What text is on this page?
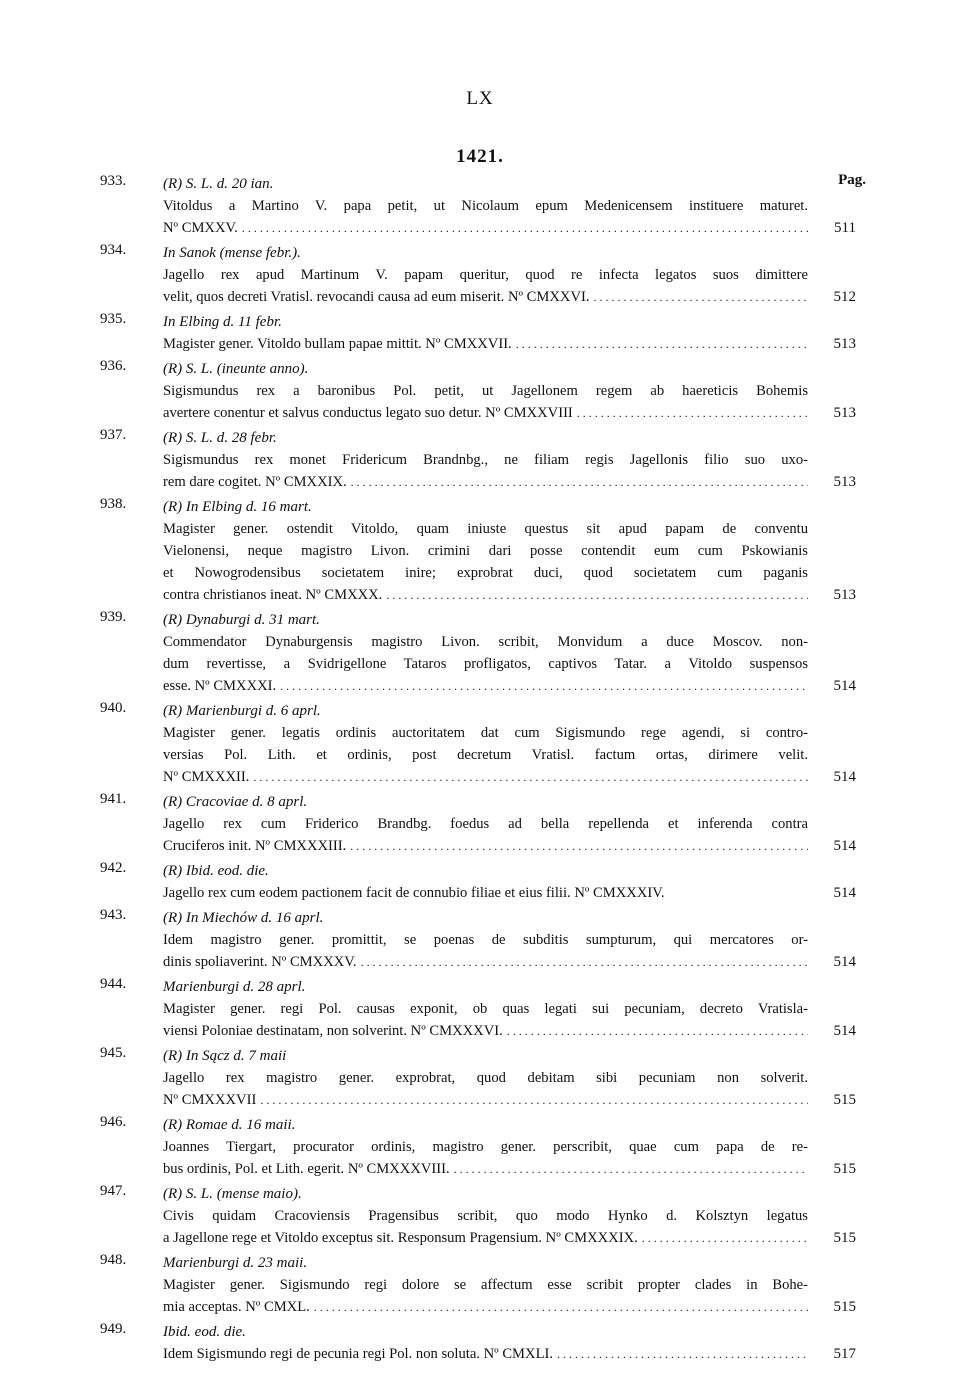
LX
1421.
Pag.
933. (R) S. L. d. 20 ian.
Vitoldus a Martino V. papa petit, ut Nicolaum epum Medenicensem instituere maturet.
Nº CMXXV. .....	511
934. In Sanok (mense febr.).
Jagello rex apud Martinum V. papam queritur, quod re infecta legatos suos dimittere
velit, quos decreti Vratisl. revocandi causa ad eum miserit. Nº CMXXVI. .....	512
935. In Elbing d. 11 febr.
Magister gener. Vitoldo bullam papae mittit. Nº CMXXVII. .....	513
936. (R) S. L. (ineunte anno).
Sigismundus rex a baronibus Pol. petit, ut Jagellonem regem ab haereticis Bohemis
avertere conentur et salvus conductus legato suo detur. Nº CMXXVIII .....	513
937. (R) S. L. d. 28 febr.
Sigismundus rex monet Fridericum Brandnbg., ne filiam regis Jagellonis filio suo uxo-
rem dare cogitet. Nº CMXXIX. .....	513
938. (R) In Elbing d. 16 mart.
Magister gener. ostendit Vitoldo, quam iniuste questus sit apud papam de conventu
Vielonensi, neque magistro Livon. crimini dari posse contendit eum cum Pskowianis
et Nowogrodensibus societatem inire; exprobrat duci, quod societatem cum paganis
contra christianos ineat. Nº CMXXX. .....	513
939. (R) Dynaburgi d. 31 mart.
Commendator Dynaburgensis magistro Livon. scribit, Monvidum a duce Moscov. non-
dum revertisse, a Svidrigellone Tataros profligatos, captivos Tatar. a Vitoldo suspensos
esse. Nº CMXXXI. .....	514
940. (R) Marienburgi d. 6 aprl.
Magister gener. legatis ordinis auctoritatem dat cum Sigismundo rege agendi, si contro-
versias Pol. Lith. et ordinis, post decretum Vratisl. factum ortas, dirimere velit.
Nº CMXXXII. .....	514
941. (R) Cracoviae d. 8 aprl.
Jagello rex cum Friderico Brandbg. foedus ad bella repellenda et inferenda contra
Cruciferos init. Nº CMXXXIII. .....	514
942. (R) Ibid. eod. die.
Jagello rex cum eodem pactionem facit de connubio filiae et eius filii. Nº CMXXXIV.	514
943. (R) In Miechów d. 16 aprl.
Idem magistro gener. promittit, se poenas de subditis sumpturum, qui mercatores or-
dinis spoliaverint. Nº CMXXXV. .....	514
944. Marienburgi d. 28 aprl.
Magister gener. regi Pol. causas exponit, ob quas legati sui pecuniam, decreto Vratisla-
viensi Poloniae destinatam, non solverint. Nº CMXXXVI. .....	514
945. (R) In Sącz d. 7 maii
Jagello rex magistro gener. exprobrat, quod debitam sibi pecuniam non solverit.
Nº CMXXXVII .....	515
946. (R) Romae d. 16 maii.
Joannes Tiergart, procurator ordinis, magistro gener. perscribit, quae cum papa de re-
bus ordinis, Pol. et Lith. egerit. Nº CMXXXVIII. .....	515
947. (R) S. L. (mense maio).
Civis quidam Cracoviensis Pragensibus scribit, quo modo Hynko d. Kolsztyn legatus
a Jagellone rege et Vitoldo exceptus sit. Responsum Pragensium. Nº CMXXXIX. .....	515
948. Marienburgi d. 23 maii.
Magister gener. Sigismundo regi dolore se affectum esse scribit propter clades in Bohe-
mia acceptas. Nº CMXL. .....	515
949. Ibid. eod. die.
Idem Sigismundo regi de pecunia regi Pol. non soluta. Nº CMXLI. .....	517
